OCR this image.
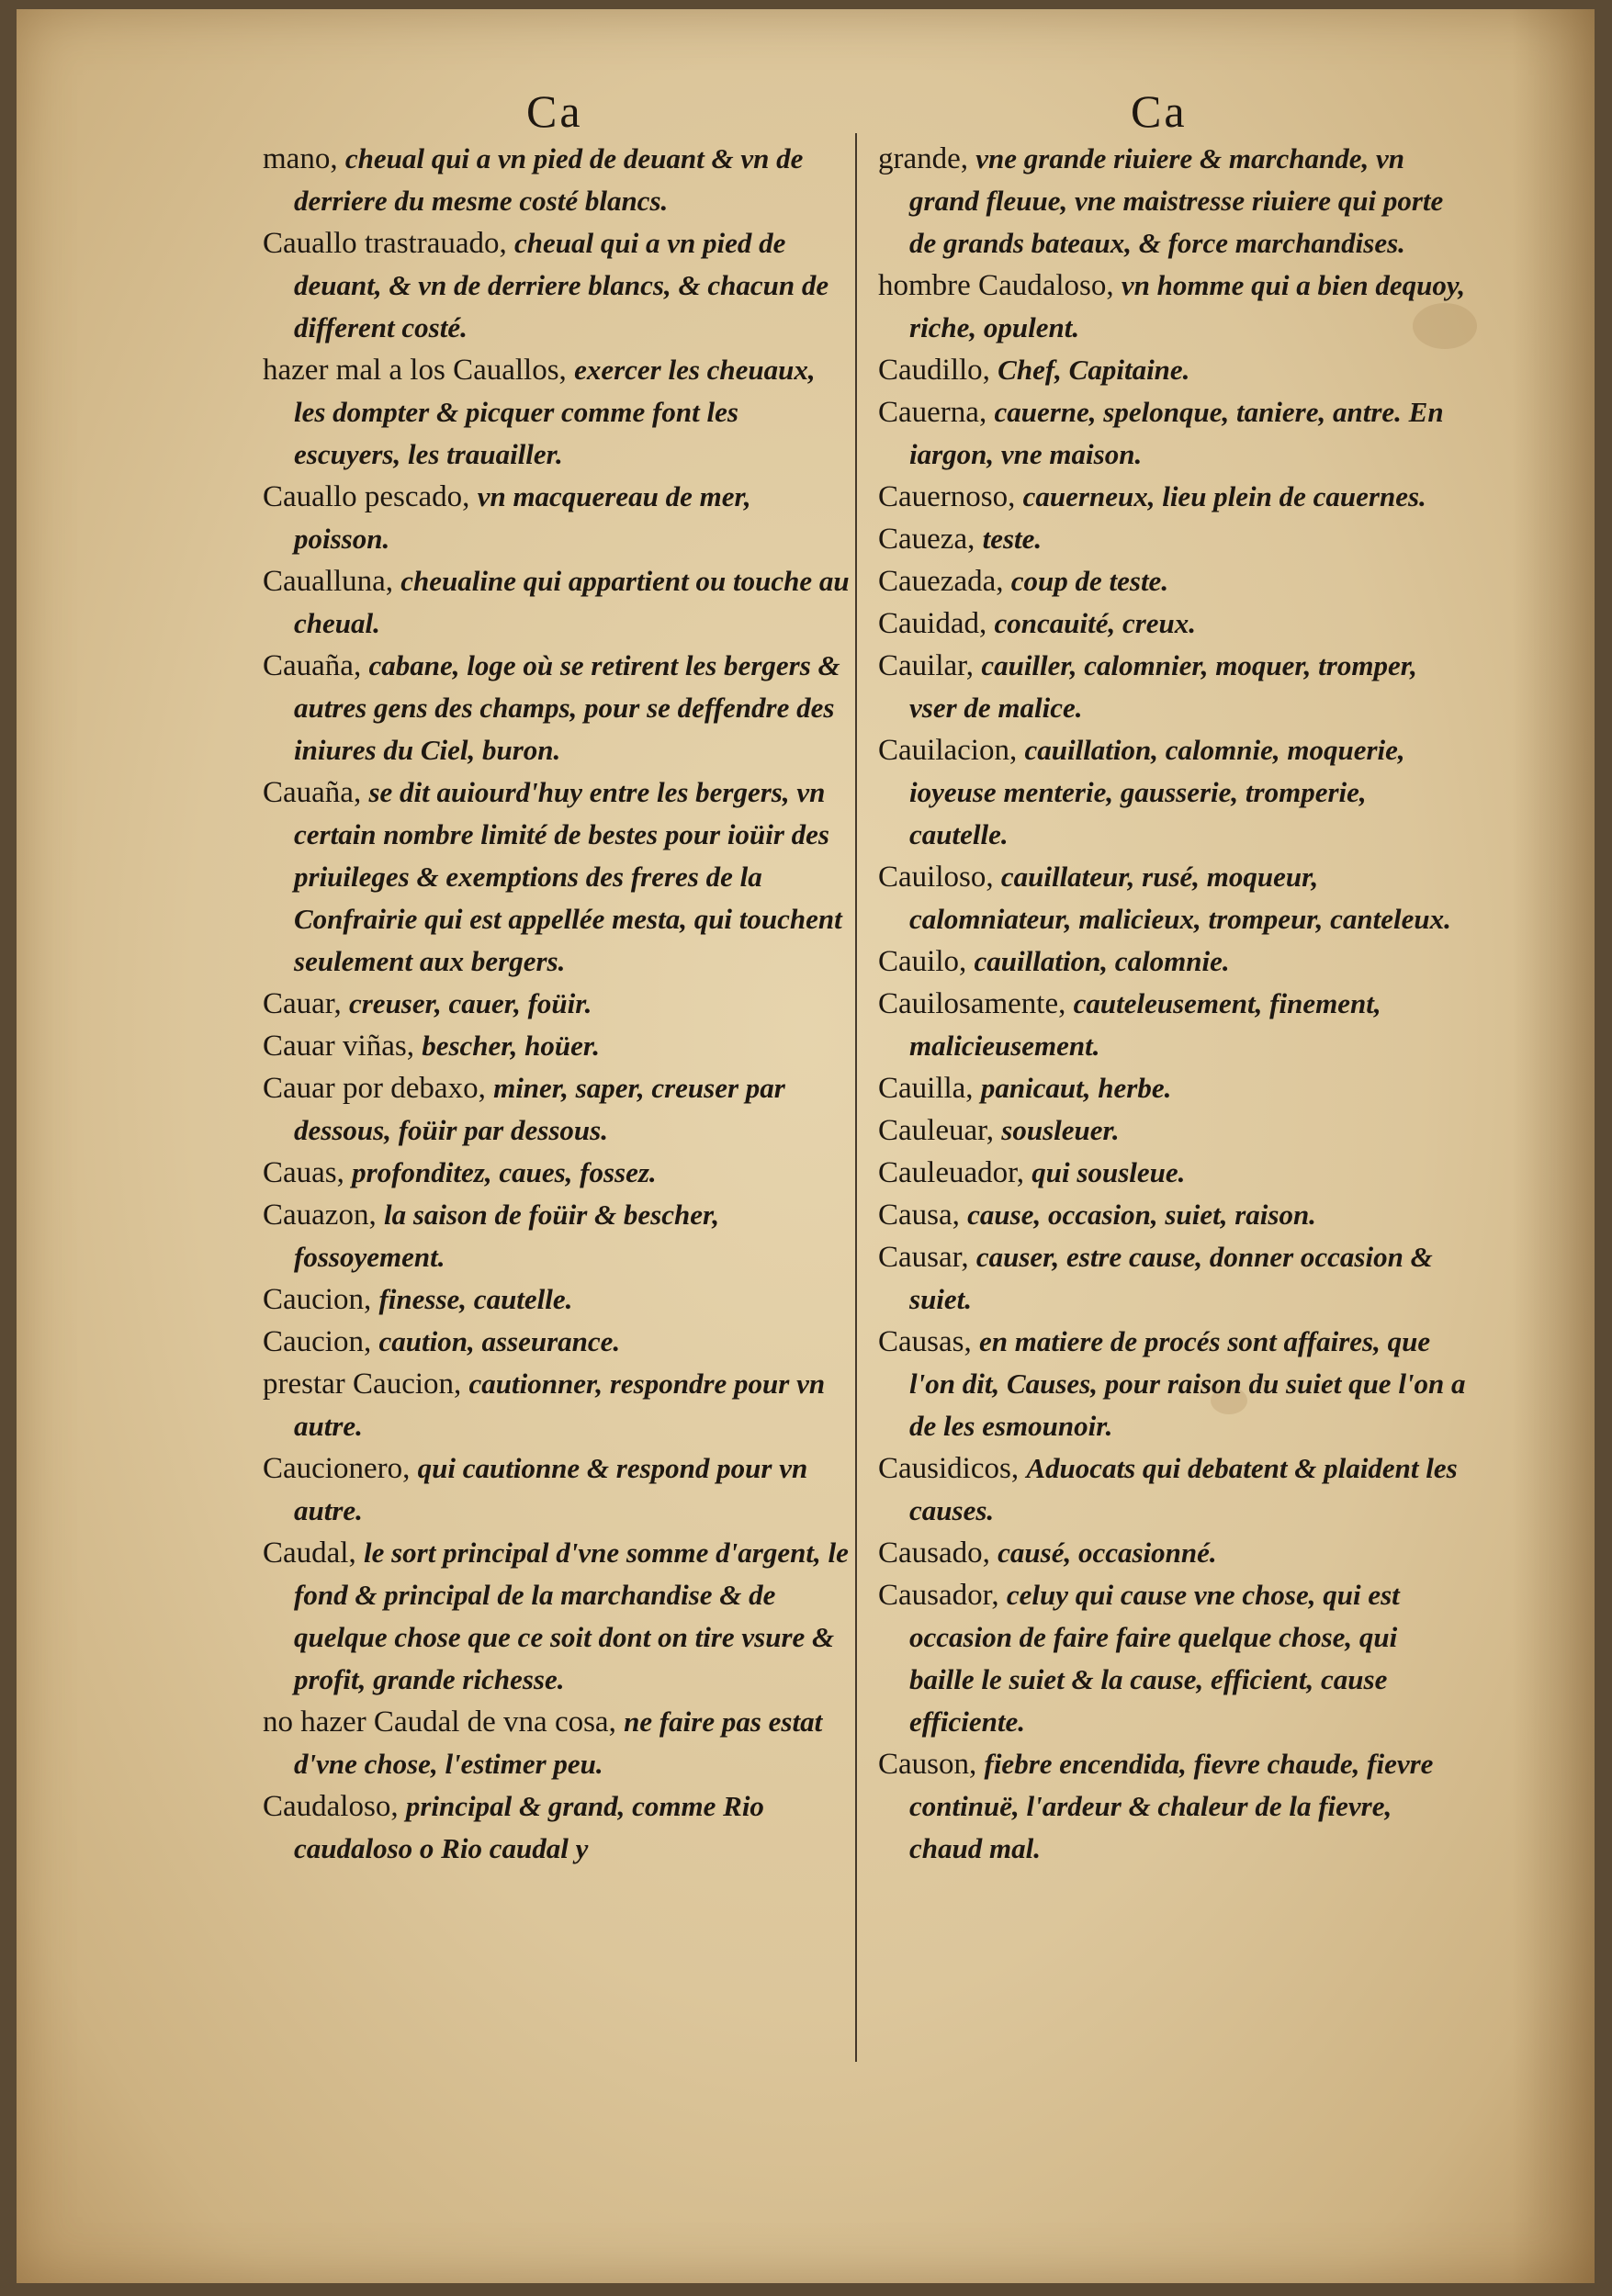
Ca	Ca

mano, cheual qui a vn pied de deuant & vn de derriere du mesme costé blancs.

Cauallo trastrauado, cheual qui a vn pied de deuant, & vn de derriere blancs, & chacun de different costé.

hazer mal a los Cauallos, exercer les cheuaux, les dompter & picquer comme font les escuyers, les trauailler.

Cauallo pescado, vn macquereau de mer, poisson.

Caualluna, cheualine qui appartient ou touche au cheual.

Cauaña, cabane, loge où se retirent les bergers & autres gens des champs, pour se deffendre des iniures du Ciel, buron.

Cauaña, se dit auiourd'huy entre les bergers, vn certain nombre limité de bestes pour ioüir des priuileges & exemptions des freres de la Confrairie qui est appellée mesta, qui touchent seulement aux bergers.

Cauar, creuser, cauer, foüir.

Cauar viñas, bescher, hoüer.

Cauar por debaxo, miner, saper, creuser par dessous, foüir par dessous.

Cauas, profonditez, caues, fossez.

Cauazon, la saison de foüir & bescher, fossoyement.

Caucion, finesse, cautelle.

Caucion, caution, asseurance.

prestar Caucion, cautionner, respondre pour vn autre.

Caucionero, qui cautionne & respond pour vn autre.

Caudal, le sort principal d'vne somme d'argent, le fond & principal de la marchandise & de quelque chose que ce soit dont on tire vsure & profit, grande richesse.

no hazer Caudal de vna cosa, ne faire pas estat d'vne chose, l'estimer peu.

Caudaloso, principal & grand, comme Rio caudaloso o Rio caudal y

grande, vne grande riuiere & marchande, vn grand fleuue, vne maistresse riuiere qui porte de grands bateaux, & force marchandises.

hombre Caudaloso, vn homme qui a bien dequoy, riche, opulent.

Caudillo, Chef, Capitaine.

Cauerna, cauerne, spelonque, taniere, antre. En iargon, vne maison.

Cauernoso, cauerneux, lieu plein de cauernes.

Caueza, teste.

Cauezada, coup de teste.

Cauidad, concauité, creux.

Cauilar, cauiller, calomnier, moquer, tromper, vser de malice.

Cauilacion, cauillation, calomnie, moquerie, ioyeuse menterie, gausserie, tromperie, cautelle.

Cauiloso, cauillateur, rusé, moqueur, calomniateur, malicieux, trompeur, canteleux.

Cauilo, cauillation, calomnie.

Cauilosamente, cauteleusement, finement, malicieusement.

Cauilla, panicaut, herbe.

Cauleuar, sousleuer.

Cauleuador, qui sousleue.

Causa, cause, occasion, suiet, raison.

Causar, causer, estre cause, donner occasion & suiet.

Causas, en matiere de procés sont affaires, que l'on dit, Causes, pour raison du suiet que l'on a de les esmounoir.

Causidicos, Aduocats qui debatent & plaident les causes.

Causado, causé, occasionné.

Causador, celuy qui cause vne chose, qui est occasion de faire faire quelque chose, qui baille le suiet & la cause, efficient, cause efficiente.

Causon, fiebre encendida, fievre chaude, fievre continuë, l'ardeur & chaleur de la fievre, chaud mal.
